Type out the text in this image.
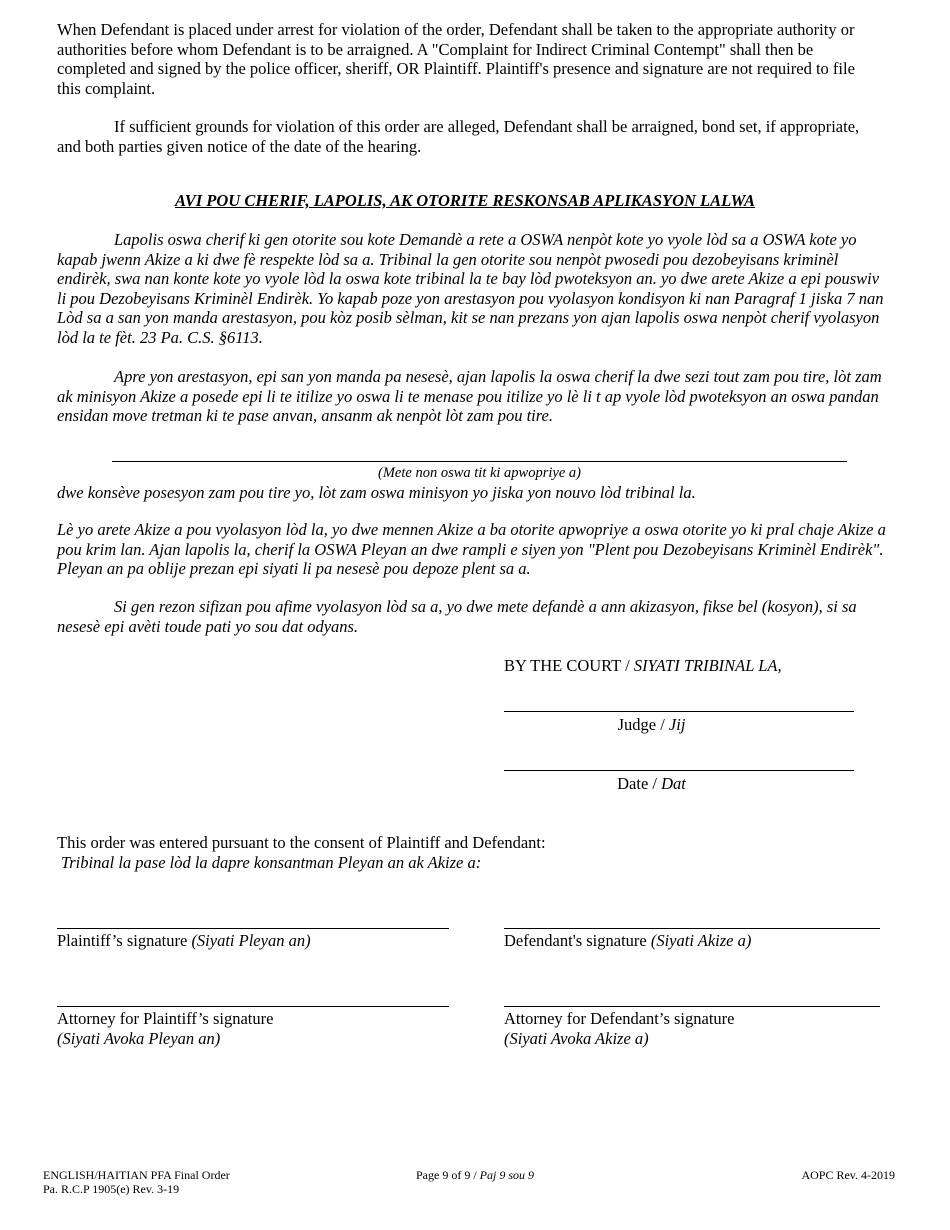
When Defendant is placed under arrest for violation of the order, Defendant shall be taken to the appropriate authority or authorities before whom Defendant is to be arraigned. A "Complaint for Indirect Criminal Contempt" shall then be completed and signed by the police officer, sheriff, OR Plaintiff. Plaintiff's presence and signature are not required to file this complaint.
If sufficient grounds for violation of this order are alleged, Defendant shall be arraigned, bond set, if appropriate, and both parties given notice of the date of the hearing.
AVI POU CHERIF, LAPOLIS, AK OTORITE RESKONSAB APLIKASYON LALWA
Lapolis oswa cherif ki gen otorite sou kote Demandè a rete a OSWA nenpòt kote yo vyole lòd sa a OSWA kote yo kapab jwenn Akize a ki dwe fè respekte lòd sa a. Tribinal la gen otorite sou nenpòt pwosedi pou dezobeyisans kriminèl endirèk, swa nan konte kote yo vyole lòd la oswa kote tribinal la te bay lòd pwoteksyon an. yo dwe arete Akize a epi pouswiv li pou Dezobeyisans Kriminèl Endirèk. Yo kapab poze yon arestasyon pou vyolasyon kondisyon ki nan Paragraf 1 jiska 7 nan Lòd sa a san yon manda arestasyon, pou kòz posib sèlman, kit se nan prezans yon ajan lapolis oswa nenpòt cherif vyolasyon lòd la te fèt. 23 Pa. C.S. §6113.
Apre yon arestasyon, epi san yon manda pa nesesè, ajan lapolis la oswa cherif la dwe sezi tout zam pou tire, lòt zam ak minisyon Akize a posede epi li te itilize yo oswa li te menase pou itilize yo lè li t ap vyole lòd pwoteksyon an oswa pandan ensidan move tretman ki te pase anvan, ansanm ak nenpòt lòt zam pou tire.
(Mete non oswa tit ki apwopriye a)
dwe konsève posesyon zam pou tire yo, lòt zam oswa minisyon yo jiska yon nouvo lòd tribinal la.
Lè yo arete Akize a pou vyolasyon lòd la, yo dwe mennen Akize a ba otorite apwopriye a oswa otorite yo ki pral chaje Akize a pou krim lan. Ajan lapolis la, cherif la OSWA Pleyan an dwe rampli e siyen yon "Plent pou Dezobeyisans Kriminèl Endirèk". Pleyan an pa oblije prezan epi siyati li pa nesesè pou depoze plent sa a.
Si gen rezon sifizan pou afime vyolasyon lòd sa a, yo dwe mete defandè a ann akizasyon, fikse bel (kosyon), si sa nesesè epi avèti toude pati yo sou dat odyans.
BY THE COURT / SIYATI TRIBINAL LA,
Judge / Jij
Date / Dat
This order was entered pursuant to the consent of Plaintiff and Defendant:
Tribinal la pase lòd la dapre konsantman Pleyan an ak Akize a:
Plaintiff’s signature (Siyati Pleyan an)	Defendant's signature (Siyati Akize a)
Attorney for Plaintiff’s signature
(Siyati Avoka Pleyan an)
Attorney for Defendant’s signature
(Siyati Avoka Akize a)
ENGLISH/HAITIAN PFA Final Order
Pa. R.C.P 1905(e) Rev. 3-19
Page 9 of 9 / Paj 9 sou 9	AOPC Rev. 4-2019
